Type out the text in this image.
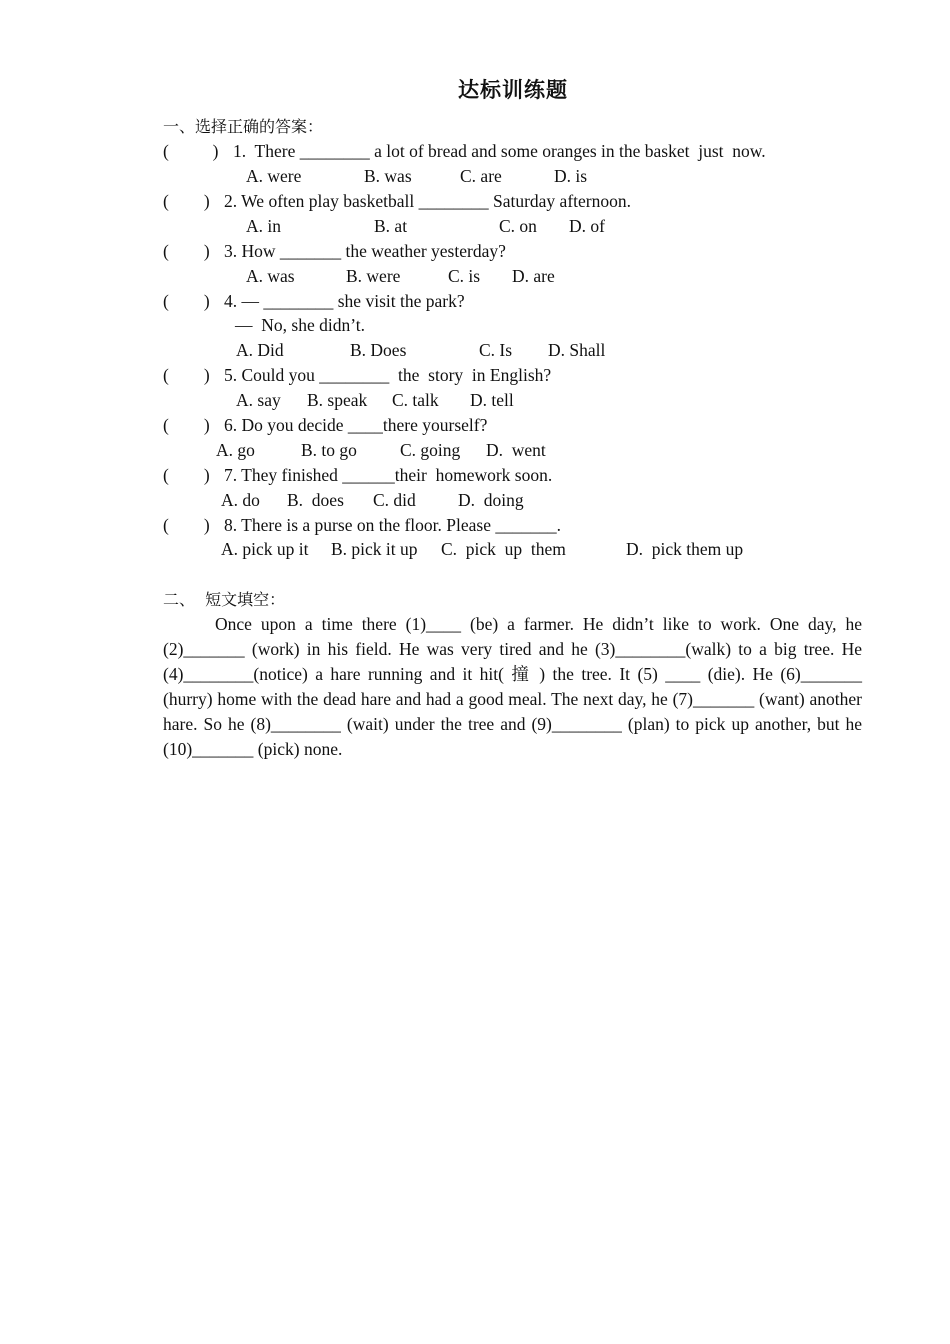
达标训练题
一、选择正确的答案：
(          ) 1.  There ________ a lot of bread and some oranges in the basket  just  now.
A. were	B. was	C. are	D. is
(        ) 2. We often play basketball ________ Saturday afternoon.
A. in	B. at	C. on D. of
(        ) 3. How _______ the weather yesterday?
A. was	B. were	C. is D. are
(        ) 4. — ________ she visit the park?
—  No, she didn’t.
A. Did	B. Does	C. Is D. Shall
(        ) 5. Could you ________  the  story  in English?
A. say B. speak C. talk D. tell
(        ) 6. Do you decide ____there yourself?
A. go	B. to go C. going D.  went
(        ) 7. They finished ______their  homework soon.
A. do B.  does C. did D.  doing
(        ) 8. There is a purse on the floor. Please _______.
A. pick up it B. pick it up C.  pick  up  them	D.  pick them up
二、  短文填空：
Once upon a time there (1)____ (be) a farmer. He didn’t like to work. One day, he (2)_______ (work) in his field. He was very tired and he (3)________(walk) to a big tree. He (4)________(notice) a hare running and it hit( 撞 ) the tree. It (5) ____ (die). He (6)_______ (hurry) home with the dead hare and had a good meal. The next day, he (7)_______ (want) another hare. So he (8)________ (wait) under the tree and (9)________ (plan) to pick up another, but he (10)_______ (pick) none.
